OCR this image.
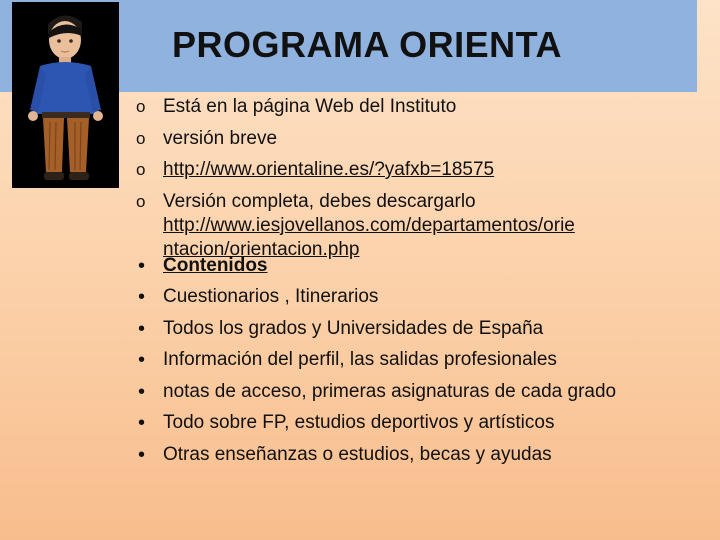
PROGRAMA ORIENTA
o Está en la página Web del Instituto
o versión breve
o http://www.orientaline.es/?yafxb=18575
o Versión completa, debes descargarlo
http://www.iesjovellanos.com/departamentos/orie
ntacion/orientacion.php
• Contenidos
• Cuestionarios , Itinerarios
• Todos los grados y Universidades de España
• Información del perfil, las salidas profesionales
• notas de acceso, primeras asignaturas de cada grado
• Todo sobre FP, estudios deportivos y artísticos
• Otras enseñanzas o estudios, becas y ayudas
